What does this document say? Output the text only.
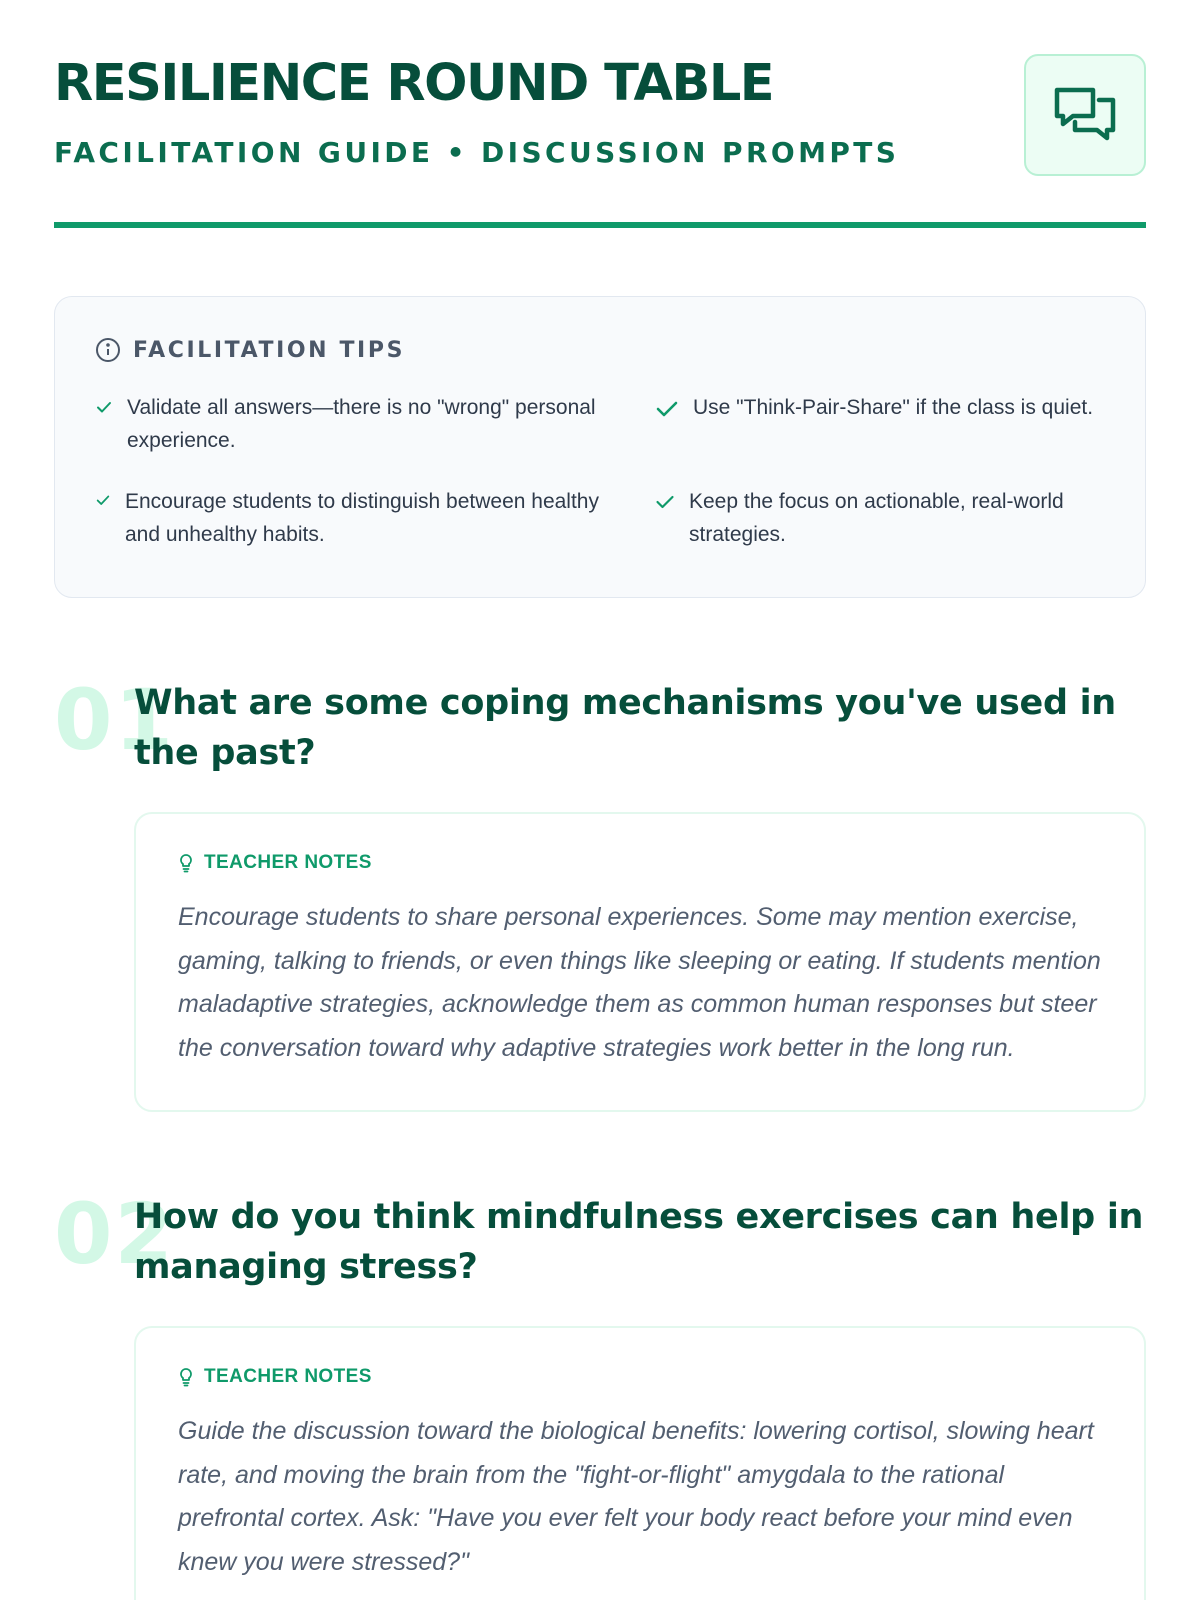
RESILIENCE ROUND TABLE
FACILITATION GUIDE • DISCUSSION PROMPTS
FACILITATION TIPS
Validate all answers—there is no "wrong" personal experience.
Use "Think-Pair-Share" if the class is quiet.
Encourage students to distinguish between healthy and unhealthy habits.
Keep the focus on actionable, real-world strategies.
01
What are some coping mechanisms you've used in the past?
TEACHER NOTES

Encourage students to share personal experiences. Some may mention exercise, gaming, talking to friends, or even things like sleeping or eating. If students mention maladaptive strategies, acknowledge them as common human responses but steer the conversation toward why adaptive strategies work better in the long run.

02
How do you think mindfulness exercises can help in managing stress?
TEACHER NOTES

Guide the discussion toward the biological benefits: lowering cortisol, slowing heart rate, and moving the brain from the "fight-or-flight" amygdala to the rational prefrontal cortex. Ask: "Have you ever felt your body react before your mind even knew you were stressed?"
